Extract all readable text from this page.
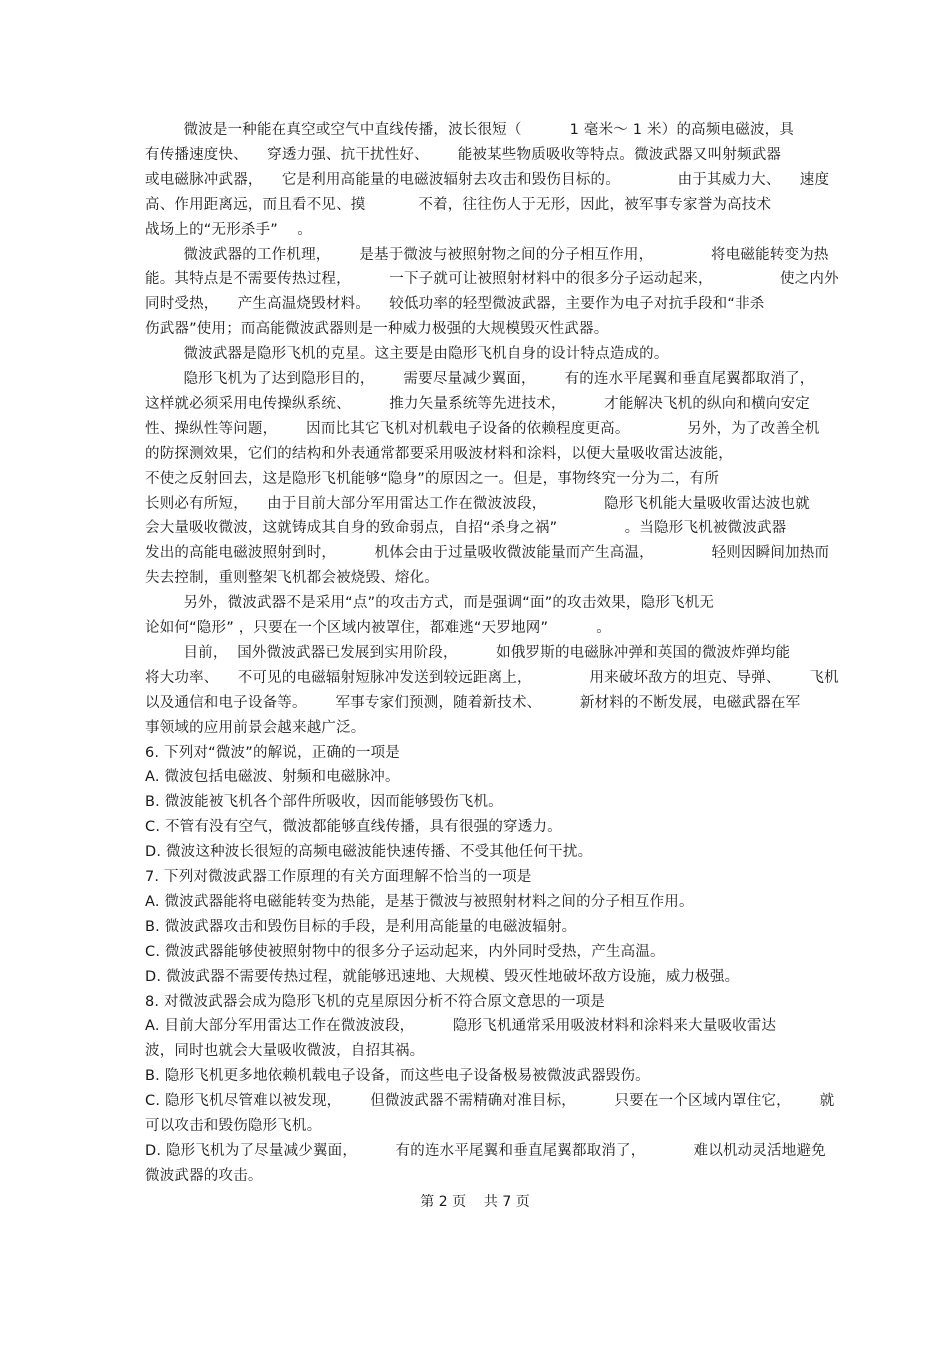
微波是一种能在真空或空气中直线传播，波长很短（          1 毫米～ 1 米）的高频电磁波，具
有传播速度快、    穿透力强、抗干扰性好、      能被某些物质吸收等特点。微波武器又叫射频武器
或电磁脉冲武器，    它是利用高能量的电磁波辐射去攻击和毁伤目标的。            由于其威力大、    速度
高、作用距离远，而且看不见、摸           不着，往往伤人于无形，因此，被军事专家誉为高技术
战场上的“无形杀手”    。
微波武器的工作机理，      是基于微波与被照射物之间的分子相互作用，            将电磁能转变为热
能。其特点是不需要传热过程，        一下子就可让被照射材料中的很多分子运动起来，              使之内外
同时受热，    产生高温烧毁材料。    较低功率的轻型微波武器，主要作为电子对抗手段和“非杀
伤武器”使用；而高能微波武器则是一种威力极强的大规模毁灭性武器。
微波武器是隐形飞机的克星。这主要是由隐形飞机自身的设计特点造成的。
隐形飞机为了达到隐形目的，      需要尽量减少翼面，      有的连水平尾翼和垂直尾翼都取消了，
这样就必须采用电传操纵系统、        推力矢量系统等先进技术，        才能解决飞机的纵向和横向安定
性、操纵性等问题，      因而比其它飞机对机载电子设备的依赖程度更高。            另外，为了改善全机
的防探测效果，它们的结构和外表通常都要采用吸波材料和涂料，以便大量吸收雷达波能，
不使之反射回去，这是隐形飞机能够“隐身”的原因之一。但是，事物终究一分为二，有所
长则必有所短，    由于目前大部分军用雷达工作在微波波段，            隐形飞机能大量吸收雷达波也就
会大量吸收微波，这就铸成其自身的致命弱点，自招“杀身之祸”              。当隐形飞机被微波武器
发出的高能电磁波照射到时，        机体会由于过量吸收微波能量而产生高温，            轻则因瞬间加热而
失去控制，重则整架飞机都会被烧毁、熔化。
另外，微波武器不是采用“点”的攻击方式，而是强调“面”的攻击效果，隐形飞机无
论如何“隐形” ，只要在一个区域内被罩住，都难逃“天罗地网”          。
目前，  国外微波武器已发展到实用阶段，        如俄罗斯的电磁脉冲弹和英国的微波炸弹均能
将大功率、    不可见的电磁辐射短脉冲发送到较远距离上，            用来破坏敌方的坦克、导弹、      飞机
以及通信和电子设备等。      军事专家们预测，随着新技术、        新材料的不断发展，电磁武器在军
事领域的应用前景会越来越广泛。
6. 下列对“微波”的解说，正确的一项是
A. 微波包括电磁波、射频和电磁脉冲。
B. 微波能被飞机各个部件所吸收，因而能够毁伤飞机。
C. 不管有没有空气，微波都能够直线传播，具有很强的穿透力。
D. 微波这种波长很短的高频电磁波能快速传播、不受其他任何干扰。
7. 下列对微波武器工作原理的有关方面理解不恰当的一项是
A. 微波武器能将电磁能转变为热能，是基于微波与被照射材料之间的分子相互作用。
B. 微波武器攻击和毁伤目标的手段，是利用高能量的电磁波辐射。
C. 微波武器能够使被照射物中的很多分子运动起来，内外同时受热，产生高温。
D. 微波武器不需要传热过程，就能够迅速地、大规模、毁灭性地破坏敌方设施，威力极强。
8. 对微波武器会成为隐形飞机的克星原因分析不符合原文意思的一项是
A. 目前大部分军用雷达工作在微波波段，        隐形飞机通常采用吸波材料和涂料来大量吸收雷达
波，同时也就会大量吸收微波，自招其祸。
B. 隐形飞机更多地依赖机载电子设备，而这些电子设备极易被微波武器毁伤。
C. 隐形飞机尽管难以被发现，      但微波武器不需精确对准目标，        只要在一个区域内罩住它，      就
可以攻击和毁伤隐形飞机。
D. 隐形飞机为了尽量减少翼面，        有的连水平尾翼和垂直尾翼都取消了，          难以机动灵活地避免
微波武器的攻击。
第 2 页    共 7 页
